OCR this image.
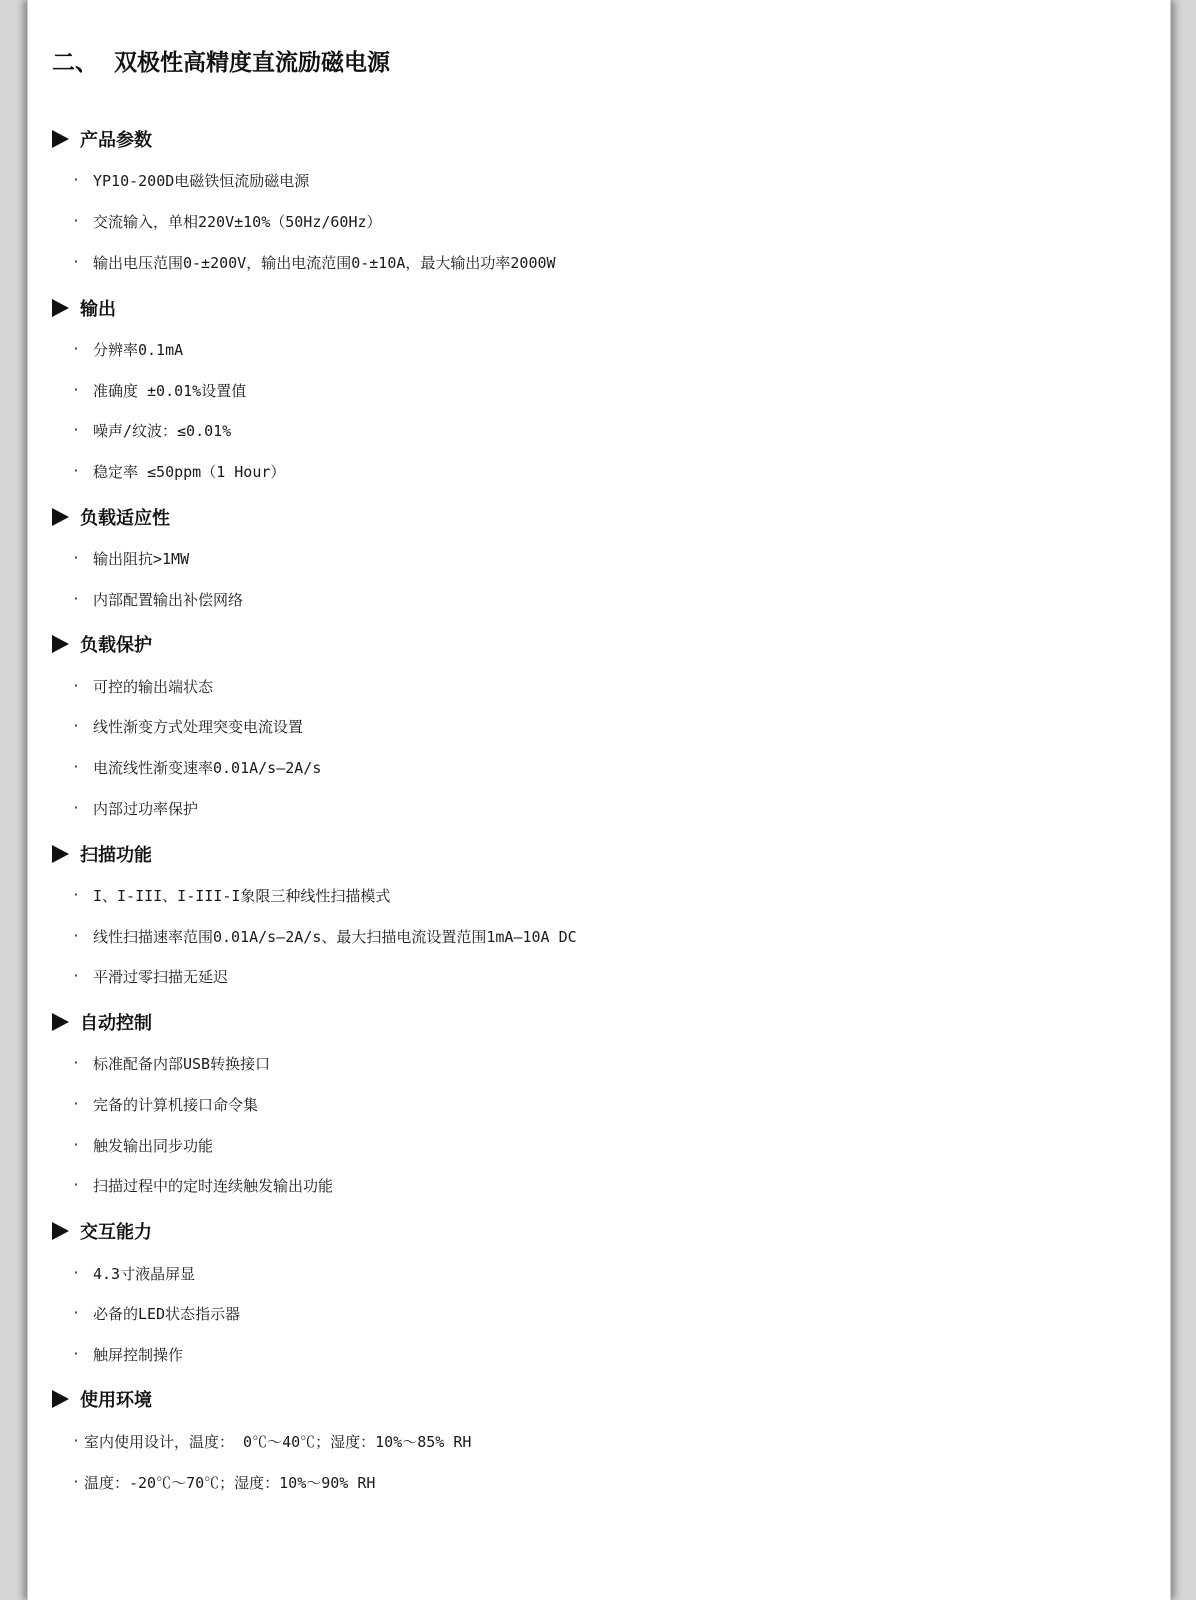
二、 双极性高精度直流励磁电源
产品参数
· YP10-200D电磁铁恒流励磁电源
· 交流输入，单相220V±10%（50Hz/60Hz）
· 输出电压范围0-±200V，输出电流范围0-±10A，最大输出功率2000W
输出
· 分辨率0.1mA
· 准确度 ±0.01%设置值
· 噪声/纹波：≤0.01%
· 稳定率 ≤50ppm（1 Hour）
负载适应性
· 输出阻抗>1MW
· 内部配置输出补偿网络
负载保护
· 可控的输出端状态
· 线性渐变方式处理突变电流设置
· 电流线性渐变速率0.01A/s—2A/s
· 内部过功率保护
扫描功能
· I、I-III、I-III-I象限三种线性扫描模式
· 线性扫描速率范围0.01A/s—2A/s、最大扫描电流设置范围1mA—10A DC
· 平滑过零扫描无延迟
自动控制
· 标准配备内部USB转换接口
· 完备的计算机接口命令集
· 触发输出同步功能
· 扫描过程中的定时连续触发输出功能
交互能力
· 4.3寸液晶屏显
· 必备的LED状态指示器
· 触屏控制操作
使用环境
· 室内使用设计，温度： 0℃～40℃；湿度：10%～85% RH
· 温度：-20℃～70℃；湿度：10%～90% RH
